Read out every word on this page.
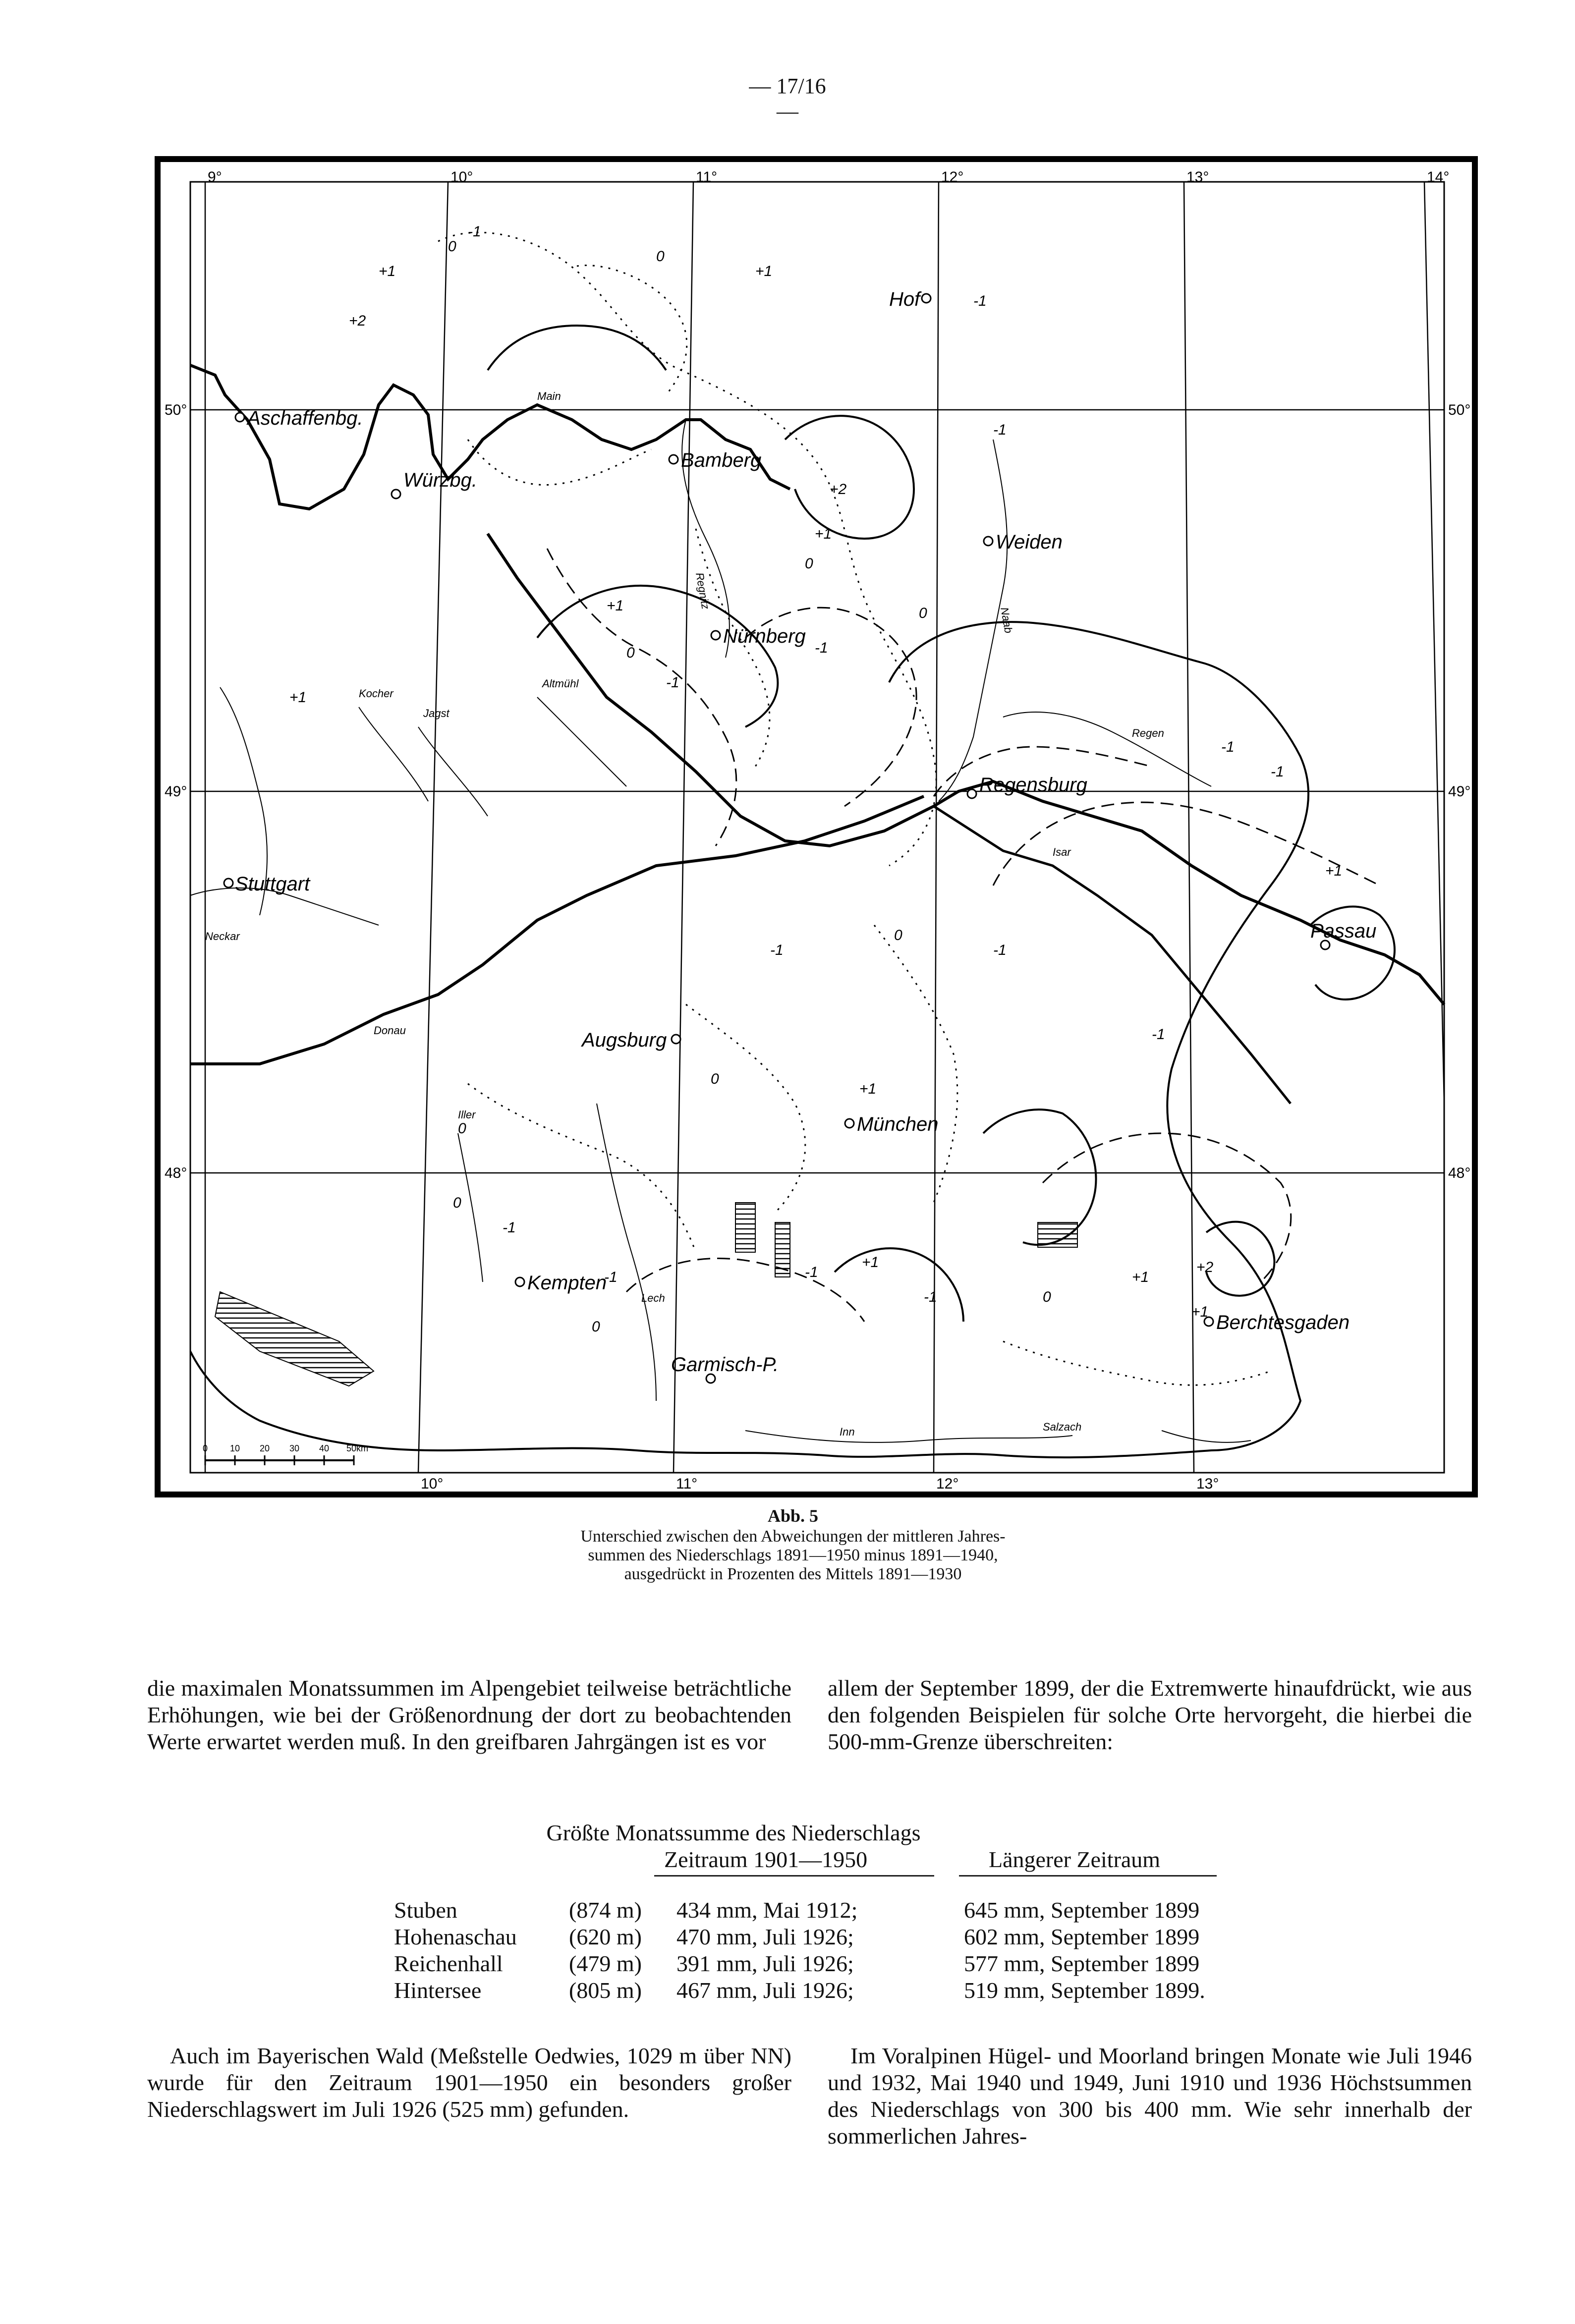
— 17/16 —
9°	10°	11°	12°	13°	14°
10°	11°	12°	13°
50°
49°
48°
50°
49°
48°
Aschaffenbg.
Würzbg.
Bamberg
Hof
Weiden
Nürnberg
Regensburg
Stuttgart
Passau
Augsburg
München
Kempten
Berchtesgaden
Garmisch-P.
Main
Regnitz
Naab
Regen
Donau
Isar
Lech
Inn	Salzach
Neckar
Kocher
Jagst
Altmühl
Iller
0
-1
+1
+2
0
+1
-1
-1
+2
+1
0
+1
0
-1
-1
0
-1
-1
+1
-1	-1
0
0
+1
-1
0
0
-1
-1	-1
+1
-1	0
+1
+2
+1
0
+1
0 10 20 30 40 50km
Abb. 5
Unterschied zwischen den Abweichungen der mittleren Jahres-
summen des Niederschlags 1891—1950 minus 1891—1940,
ausgedrückt in Prozenten des Mittels 1891—1930

die maximalen Monatssummen im Alpengebiet teilweise beträchtliche Erhöhungen, wie bei der Größenordnung der dort zu beobachtenden Werte erwartet werden muß. In den greifbaren Jahrgängen ist es vor

allem der September 1899, der die Extremwerte hinaufdrückt, wie aus den folgenden Beispielen für solche Orte hervorgeht, die hierbei die 500-mm-Grenze überschreiten:

Größte Monatssumme des Niederschlags
Zeitraum 1901—1950	Längerer Zeitraum
Stuben	(874 m) 434 mm, Mai 1912;	645 mm, September 1899
Hohenaschau (620 m) 470 mm, Juli 1926;	602 mm, September 1899
Reichenhall	(479 m) 391 mm, Juli 1926;	577 mm, September 1899
Hintersee	(805 m) 467 mm, Juli 1926;	519 mm, September 1899.

Auch im Bayerischen Wald (Meßstelle Oedwies, 1029 m über NN) wurde für den Zeitraum 1901—1950 ein besonders großer Niederschlagswert im Juli 1926 (525 mm) gefunden.

Im Voralpinen Hügel- und Moorland bringen Monate wie Juli 1946 und 1932, Mai 1940 und 1949, Juni 1910 und 1936 Höchstsummen des Niederschlags von 300 bis 400 mm. Wie sehr innerhalb der sommerlichen Jahres-
